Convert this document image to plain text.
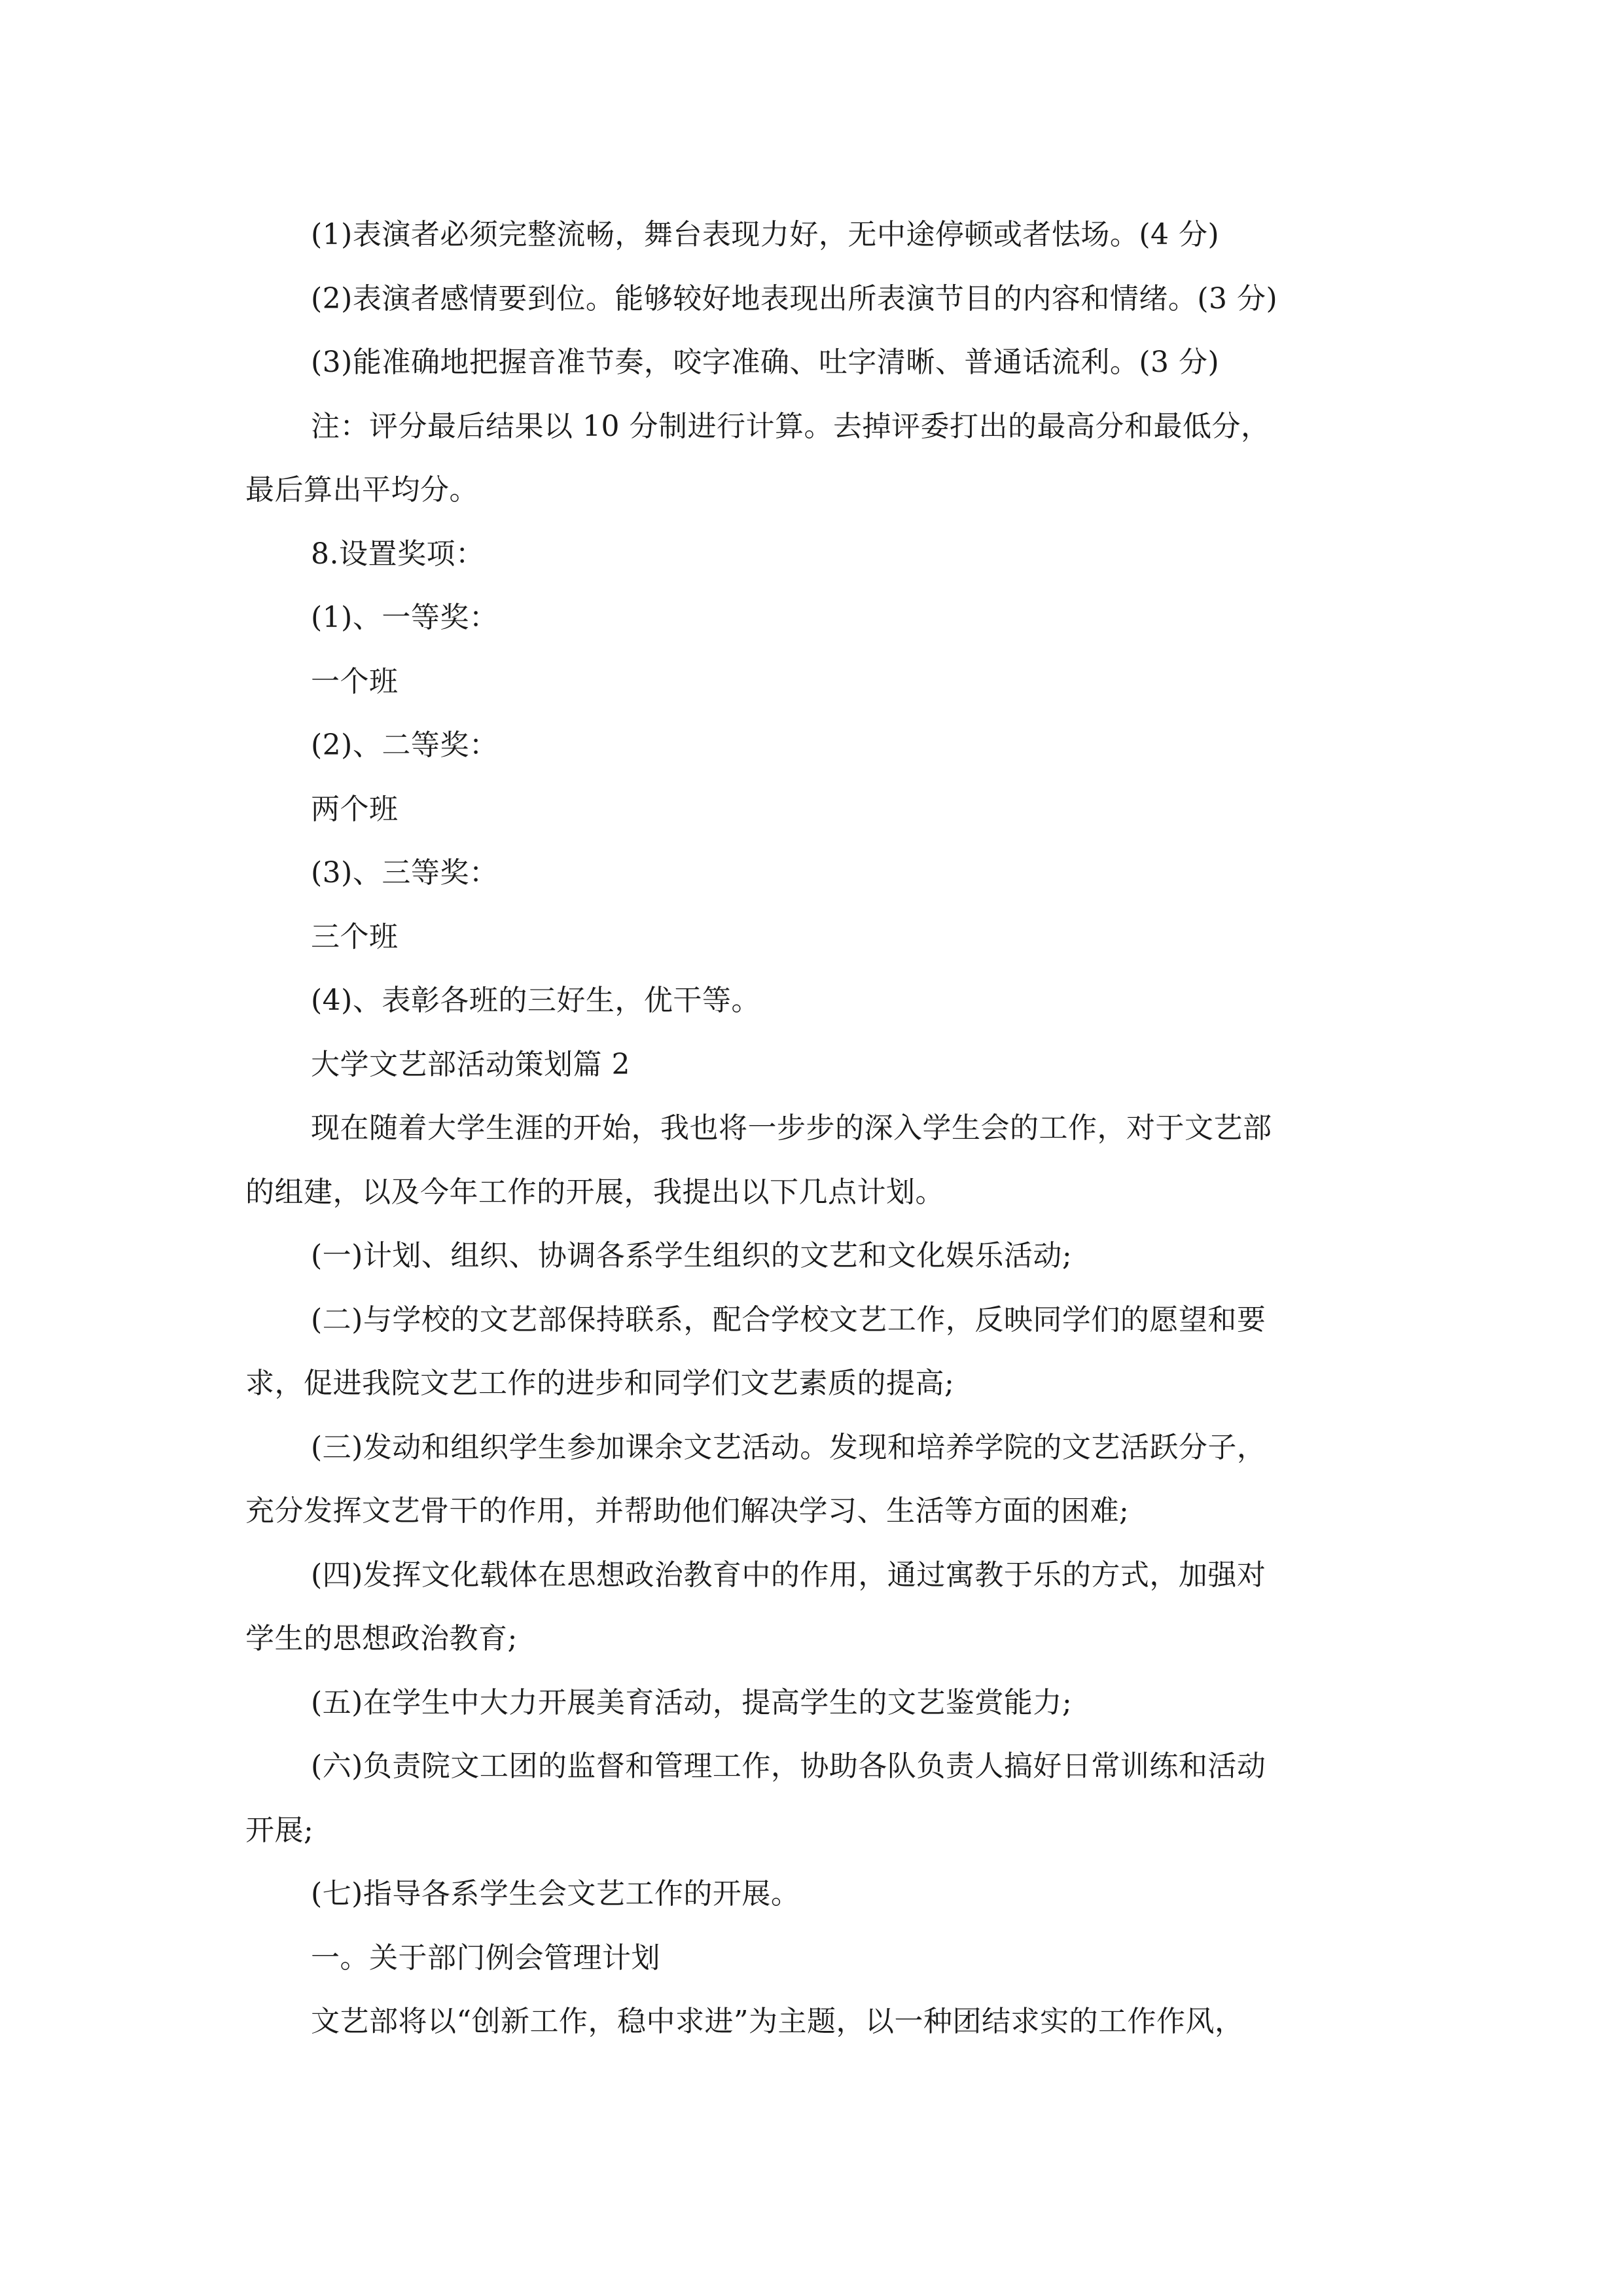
(1)表演者必须完整流畅，舞台表现力好，无中途停顿或者怯场。(4 分)
(2)表演者感情要到位。能够较好地表现出所表演节目的内容和情绪。(3 分)
(3)能准确地把握音准节奏，咬字准确、吐字清晰、普通话流利。(3 分)
注：评分最后结果以 10 分制进行计算。去掉评委打出的最高分和最低分，
最后算出平均分。
8.设置奖项：
(1)、一等奖：
一个班
(2)、二等奖：
两个班
(3)、三等奖：
三个班
(4)、表彰各班的三好生，优干等。
大学文艺部活动策划篇 2
现在随着大学生涯的开始，我也将一步步的深入学生会的工作，对于文艺部
的组建，以及今年工作的开展，我提出以下几点计划。
(一)计划、组织、协调各系学生组织的文艺和文化娱乐活动;
(二)与学校的文艺部保持联系，配合学校文艺工作，反映同学们的愿望和要
求，促进我院文艺工作的进步和同学们文艺素质的提高;
(三)发动和组织学生参加课余文艺活动。发现和培养学院的文艺活跃分子，
充分发挥文艺骨干的作用，并帮助他们解决学习、生活等方面的困难;
(四)发挥文化载体在思想政治教育中的作用，通过寓教于乐的方式，加强对
学生的思想政治教育;
(五)在学生中大力开展美育活动，提高学生的文艺鉴赏能力;
(六)负责院文工团的监督和管理工作，协助各队负责人搞好日常训练和活动
开展;
(七)指导各系学生会文艺工作的开展。
一。关于部门例会管理计划
文艺部将以“创新工作，稳中求进”为主题，以一种团结求实的工作作风，
